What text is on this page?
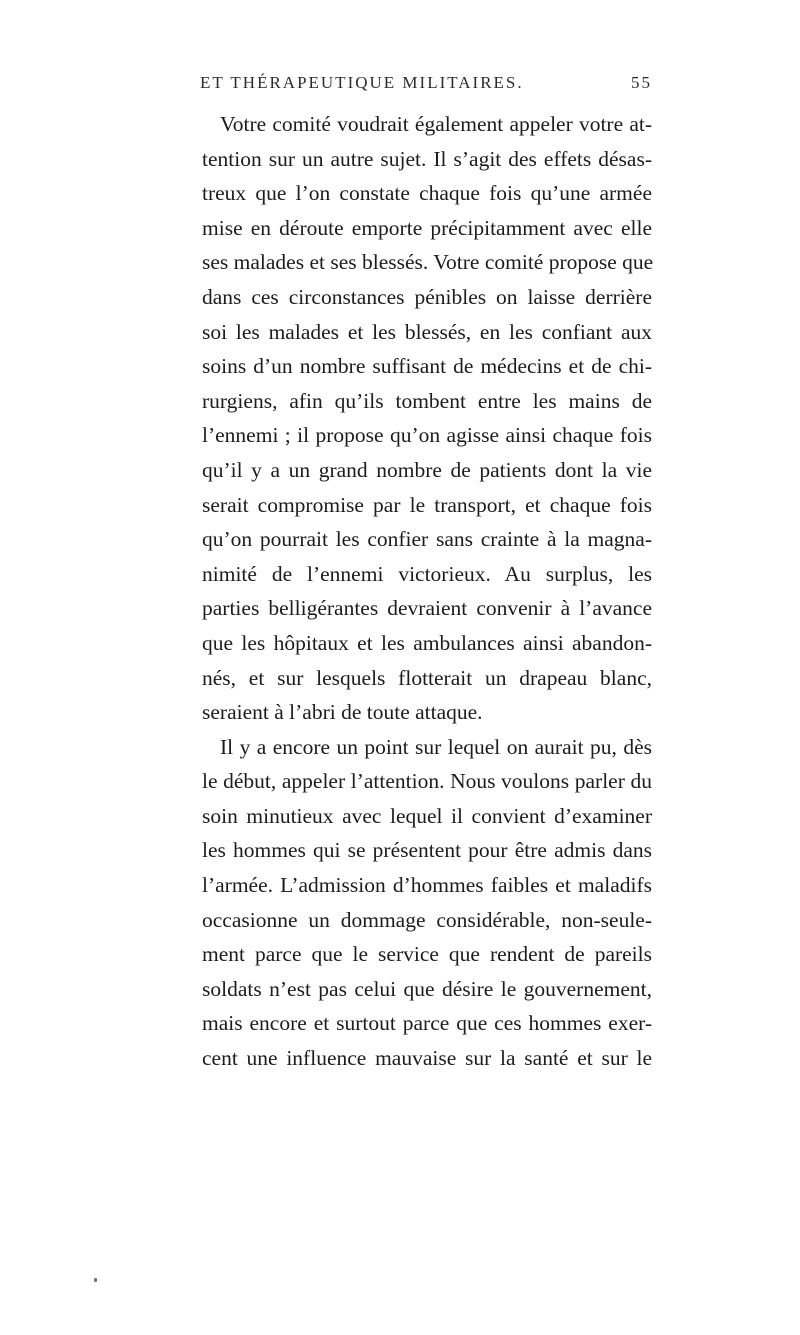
ET THÉRAPEUTIQUE MILITAIRES.	55
Votre comité voudrait également appeler votre at-
tention sur un autre sujet. Il s’agit des effets désas-
treux que l’on constate chaque fois qu’une armée
mise en déroute emporte précipitamment avec elle
ses malades et ses blessés. Votre comité propose que
dans ces circonstances pénibles on laisse derrière
soi les malades et les blessés, en les confiant aux
soins d’un nombre suffisant de médecins et de chi-
rurgiens, afin qu’ils tombent entre les mains de
l’ennemi ; il propose qu’on agisse ainsi chaque fois
qu’il y a un grand nombre de patients dont la vie
serait compromise par le transport, et chaque fois
qu’on pourrait les confier sans crainte à la magna-
nimité de l’ennemi victorieux. Au surplus, les
parties belligérantes devraient convenir à l’avance
que les hôpitaux et les ambulances ainsi abandon-
nés, et sur lesquels flotterait un drapeau blanc,
seraient à l’abri de toute attaque.
Il y a encore un point sur lequel on aurait pu, dès
le début, appeler l’attention. Nous voulons parler du
soin minutieux avec lequel il convient d’examiner
les hommes qui se présentent pour être admis dans
l’armée. L’admission d’hommes faibles et maladifs
occasionne un dommage considérable, non-seule-
ment parce que le service que rendent de pareils
soldats n’est pas celui que désire le gouvernement,
mais encore et surtout parce que ces hommes exer-
cent une influence mauvaise sur la santé et sur le
